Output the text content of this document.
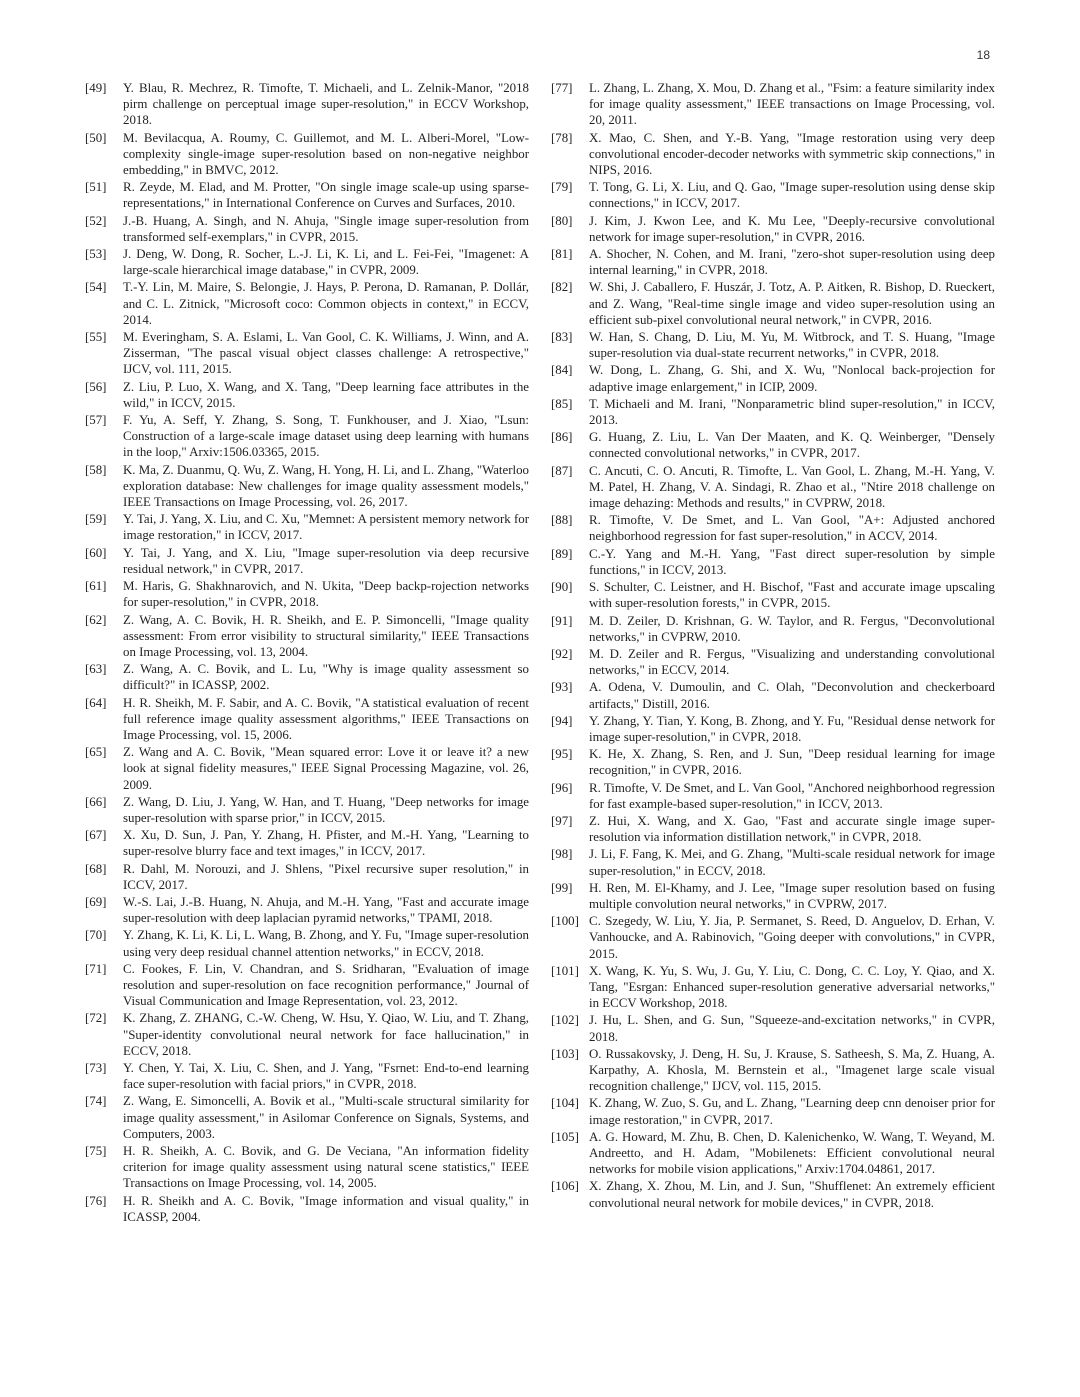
18
[49] Y. Blau, R. Mechrez, R. Timofte, T. Michaeli, and L. Zelnik-Manor, "2018 pirm challenge on perceptual image super-resolution," in ECCV Workshop, 2018.
[50] M. Bevilacqua, A. Roumy, C. Guillemot, and M. L. Alberi-Morel, "Low-complexity single-image super-resolution based on non-negative neighbor embedding," in BMVC, 2012.
[51] R. Zeyde, M. Elad, and M. Protter, "On single image scale-up using sparse-representations," in International Conference on Curves and Surfaces, 2010.
[52] J.-B. Huang, A. Singh, and N. Ahuja, "Single image super-resolution from transformed self-exemplars," in CVPR, 2015.
[53] J. Deng, W. Dong, R. Socher, L.-J. Li, K. Li, and L. Fei-Fei, "Imagenet: A large-scale hierarchical image database," in CVPR, 2009.
[54] T.-Y. Lin, M. Maire, S. Belongie, J. Hays, P. Perona, D. Ramanan, P. Dollár, and C. L. Zitnick, "Microsoft coco: Common objects in context," in ECCV, 2014.
[55] M. Everingham, S. A. Eslami, L. Van Gool, C. K. Williams, J. Winn, and A. Zisserman, "The pascal visual object classes challenge: A retrospective," IJCV, vol. 111, 2015.
[56] Z. Liu, P. Luo, X. Wang, and X. Tang, "Deep learning face attributes in the wild," in ICCV, 2015.
[57] F. Yu, A. Seff, Y. Zhang, S. Song, T. Funkhouser, and J. Xiao, "Lsun: Construction of a large-scale image dataset using deep learning with humans in the loop," Arxiv:1506.03365, 2015.
[58] K. Ma, Z. Duanmu, Q. Wu, Z. Wang, H. Yong, H. Li, and L. Zhang, "Waterloo exploration database: New challenges for image quality assessment models," IEEE Transactions on Image Processing, vol. 26, 2017.
[59] Y. Tai, J. Yang, X. Liu, and C. Xu, "Memnet: A persistent memory network for image restoration," in ICCV, 2017.
[60] Y. Tai, J. Yang, and X. Liu, "Image super-resolution via deep recursive residual network," in CVPR, 2017.
[61] M. Haris, G. Shakhnarovich, and N. Ukita, "Deep backp-rojection networks for super-resolution," in CVPR, 2018.
[62] Z. Wang, A. C. Bovik, H. R. Sheikh, and E. P. Simoncelli, "Image quality assessment: From error visibility to structural similarity," IEEE Transactions on Image Processing, vol. 13, 2004.
[63] Z. Wang, A. C. Bovik, and L. Lu, "Why is image quality assessment so difficult?" in ICASSP, 2002.
[64] H. R. Sheikh, M. F. Sabir, and A. C. Bovik, "A statistical evaluation of recent full reference image quality assessment algorithms," IEEE Transactions on Image Processing, vol. 15, 2006.
[65] Z. Wang and A. C. Bovik, "Mean squared error: Love it or leave it? a new look at signal fidelity measures," IEEE Signal Processing Magazine, vol. 26, 2009.
[66] Z. Wang, D. Liu, J. Yang, W. Han, and T. Huang, "Deep networks for image super-resolution with sparse prior," in ICCV, 2015.
[67] X. Xu, D. Sun, J. Pan, Y. Zhang, H. Pfister, and M.-H. Yang, "Learning to super-resolve blurry face and text images," in ICCV, 2017.
[68] R. Dahl, M. Norouzi, and J. Shlens, "Pixel recursive super resolution," in ICCV, 2017.
[69] W.-S. Lai, J.-B. Huang, N. Ahuja, and M.-H. Yang, "Fast and accurate image super-resolution with deep laplacian pyramid networks," TPAMI, 2018.
[70] Y. Zhang, K. Li, K. Li, L. Wang, B. Zhong, and Y. Fu, "Image super-resolution using very deep residual channel attention networks," in ECCV, 2018.
[71] C. Fookes, F. Lin, V. Chandran, and S. Sridharan, "Evaluation of image resolution and super-resolution on face recognition performance," Journal of Visual Communication and Image Representation, vol. 23, 2012.
[72] K. Zhang, Z. ZHANG, C.-W. Cheng, W. Hsu, Y. Qiao, W. Liu, and T. Zhang, "Super-identity convolutional neural network for face hallucination," in ECCV, 2018.
[73] Y. Chen, Y. Tai, X. Liu, C. Shen, and J. Yang, "Fsrnet: End-to-end learning face super-resolution with facial priors," in CVPR, 2018.
[74] Z. Wang, E. Simoncelli, A. Bovik et al., "Multi-scale structural similarity for image quality assessment," in Asilomar Conference on Signals, Systems, and Computers, 2003.
[75] H. R. Sheikh, A. C. Bovik, and G. De Veciana, "An information fidelity criterion for image quality assessment using natural scene statistics," IEEE Transactions on Image Processing, vol. 14, 2005.
[76] H. R. Sheikh and A. C. Bovik, "Image information and visual quality," in ICASSP, 2004.
[77] L. Zhang, L. Zhang, X. Mou, D. Zhang et al., "Fsim: a feature similarity index for image quality assessment," IEEE transactions on Image Processing, vol. 20, 2011.
[78] X. Mao, C. Shen, and Y.-B. Yang, "Image restoration using very deep convolutional encoder-decoder networks with symmetric skip connections," in NIPS, 2016.
[79] T. Tong, G. Li, X. Liu, and Q. Gao, "Image super-resolution using dense skip connections," in ICCV, 2017.
[80] J. Kim, J. Kwon Lee, and K. Mu Lee, "Deeply-recursive convolutional network for image super-resolution," in CVPR, 2016.
[81] A. Shocher, N. Cohen, and M. Irani, "zero-shot super-resolution using deep internal learning," in CVPR, 2018.
[82] W. Shi, J. Caballero, F. Huszár, J. Totz, A. P. Aitken, R. Bishop, D. Rueckert, and Z. Wang, "Real-time single image and video super-resolution using an efficient sub-pixel convolutional neural network," in CVPR, 2016.
[83] W. Han, S. Chang, D. Liu, M. Yu, M. Witbrock, and T. S. Huang, "Image super-resolution via dual-state recurrent networks," in CVPR, 2018.
[84] W. Dong, L. Zhang, G. Shi, and X. Wu, "Nonlocal back-projection for adaptive image enlargement," in ICIP, 2009.
[85] T. Michaeli and M. Irani, "Nonparametric blind super-resolution," in ICCV, 2013.
[86] G. Huang, Z. Liu, L. Van Der Maaten, and K. Q. Weinberger, "Densely connected convolutional networks," in CVPR, 2017.
[87] C. Ancuti, C. O. Ancuti, R. Timofte, L. Van Gool, L. Zhang, M.-H. Yang, V. M. Patel, H. Zhang, V. A. Sindagi, R. Zhao et al., "Ntire 2018 challenge on image dehazing: Methods and results," in CVPRW, 2018.
[88] R. Timofte, V. De Smet, and L. Van Gool, "A+: Adjusted anchored neighborhood regression for fast super-resolution," in ACCV, 2014.
[89] C.-Y. Yang and M.-H. Yang, "Fast direct super-resolution by simple functions," in ICCV, 2013.
[90] S. Schulter, C. Leistner, and H. Bischof, "Fast and accurate image upscaling with super-resolution forests," in CVPR, 2015.
[91] M. D. Zeiler, D. Krishnan, G. W. Taylor, and R. Fergus, "Deconvolutional networks," in CVPRW, 2010.
[92] M. D. Zeiler and R. Fergus, "Visualizing and understanding convolutional networks," in ECCV, 2014.
[93] A. Odena, V. Dumoulin, and C. Olah, "Deconvolution and checkerboard artifacts," Distill, 2016.
[94] Y. Zhang, Y. Tian, Y. Kong, B. Zhong, and Y. Fu, "Residual dense network for image super-resolution," in CVPR, 2018.
[95] K. He, X. Zhang, S. Ren, and J. Sun, "Deep residual learning for image recognition," in CVPR, 2016.
[96] R. Timofte, V. De Smet, and L. Van Gool, "Anchored neighborhood regression for fast example-based super-resolution," in ICCV, 2013.
[97] Z. Hui, X. Wang, and X. Gao, "Fast and accurate single image super-resolution via information distillation network," in CVPR, 2018.
[98] J. Li, F. Fang, K. Mei, and G. Zhang, "Multi-scale residual network for image super-resolution," in ECCV, 2018.
[99] H. Ren, M. El-Khamy, and J. Lee, "Image super resolution based on fusing multiple convolution neural networks," in CVPRW, 2017.
[100] C. Szegedy, W. Liu, Y. Jia, P. Sermanet, S. Reed, D. Anguelov, D. Erhan, V. Vanhoucke, and A. Rabinovich, "Going deeper with convolutions," in CVPR, 2015.
[101] X. Wang, K. Yu, S. Wu, J. Gu, Y. Liu, C. Dong, C. C. Loy, Y. Qiao, and X. Tang, "Esrgan: Enhanced super-resolution generative adversarial networks," in ECCV Workshop, 2018.
[102] J. Hu, L. Shen, and G. Sun, "Squeeze-and-excitation networks," in CVPR, 2018.
[103] O. Russakovsky, J. Deng, H. Su, J. Krause, S. Satheesh, S. Ma, Z. Huang, A. Karpathy, A. Khosla, M. Bernstein et al., "Imagenet large scale visual recognition challenge," IJCV, vol. 115, 2015.
[104] K. Zhang, W. Zuo, S. Gu, and L. Zhang, "Learning deep cnn denoiser prior for image restoration," in CVPR, 2017.
[105] A. G. Howard, M. Zhu, B. Chen, D. Kalenichenko, W. Wang, T. Weyand, M. Andreetto, and H. Adam, "Mobilenets: Efficient convolutional neural networks for mobile vision applications," Arxiv:1704.04861, 2017.
[106] X. Zhang, X. Zhou, M. Lin, and J. Sun, "Shufflenet: An extremely efficient convolutional neural network for mobile devices," in CVPR, 2018.
